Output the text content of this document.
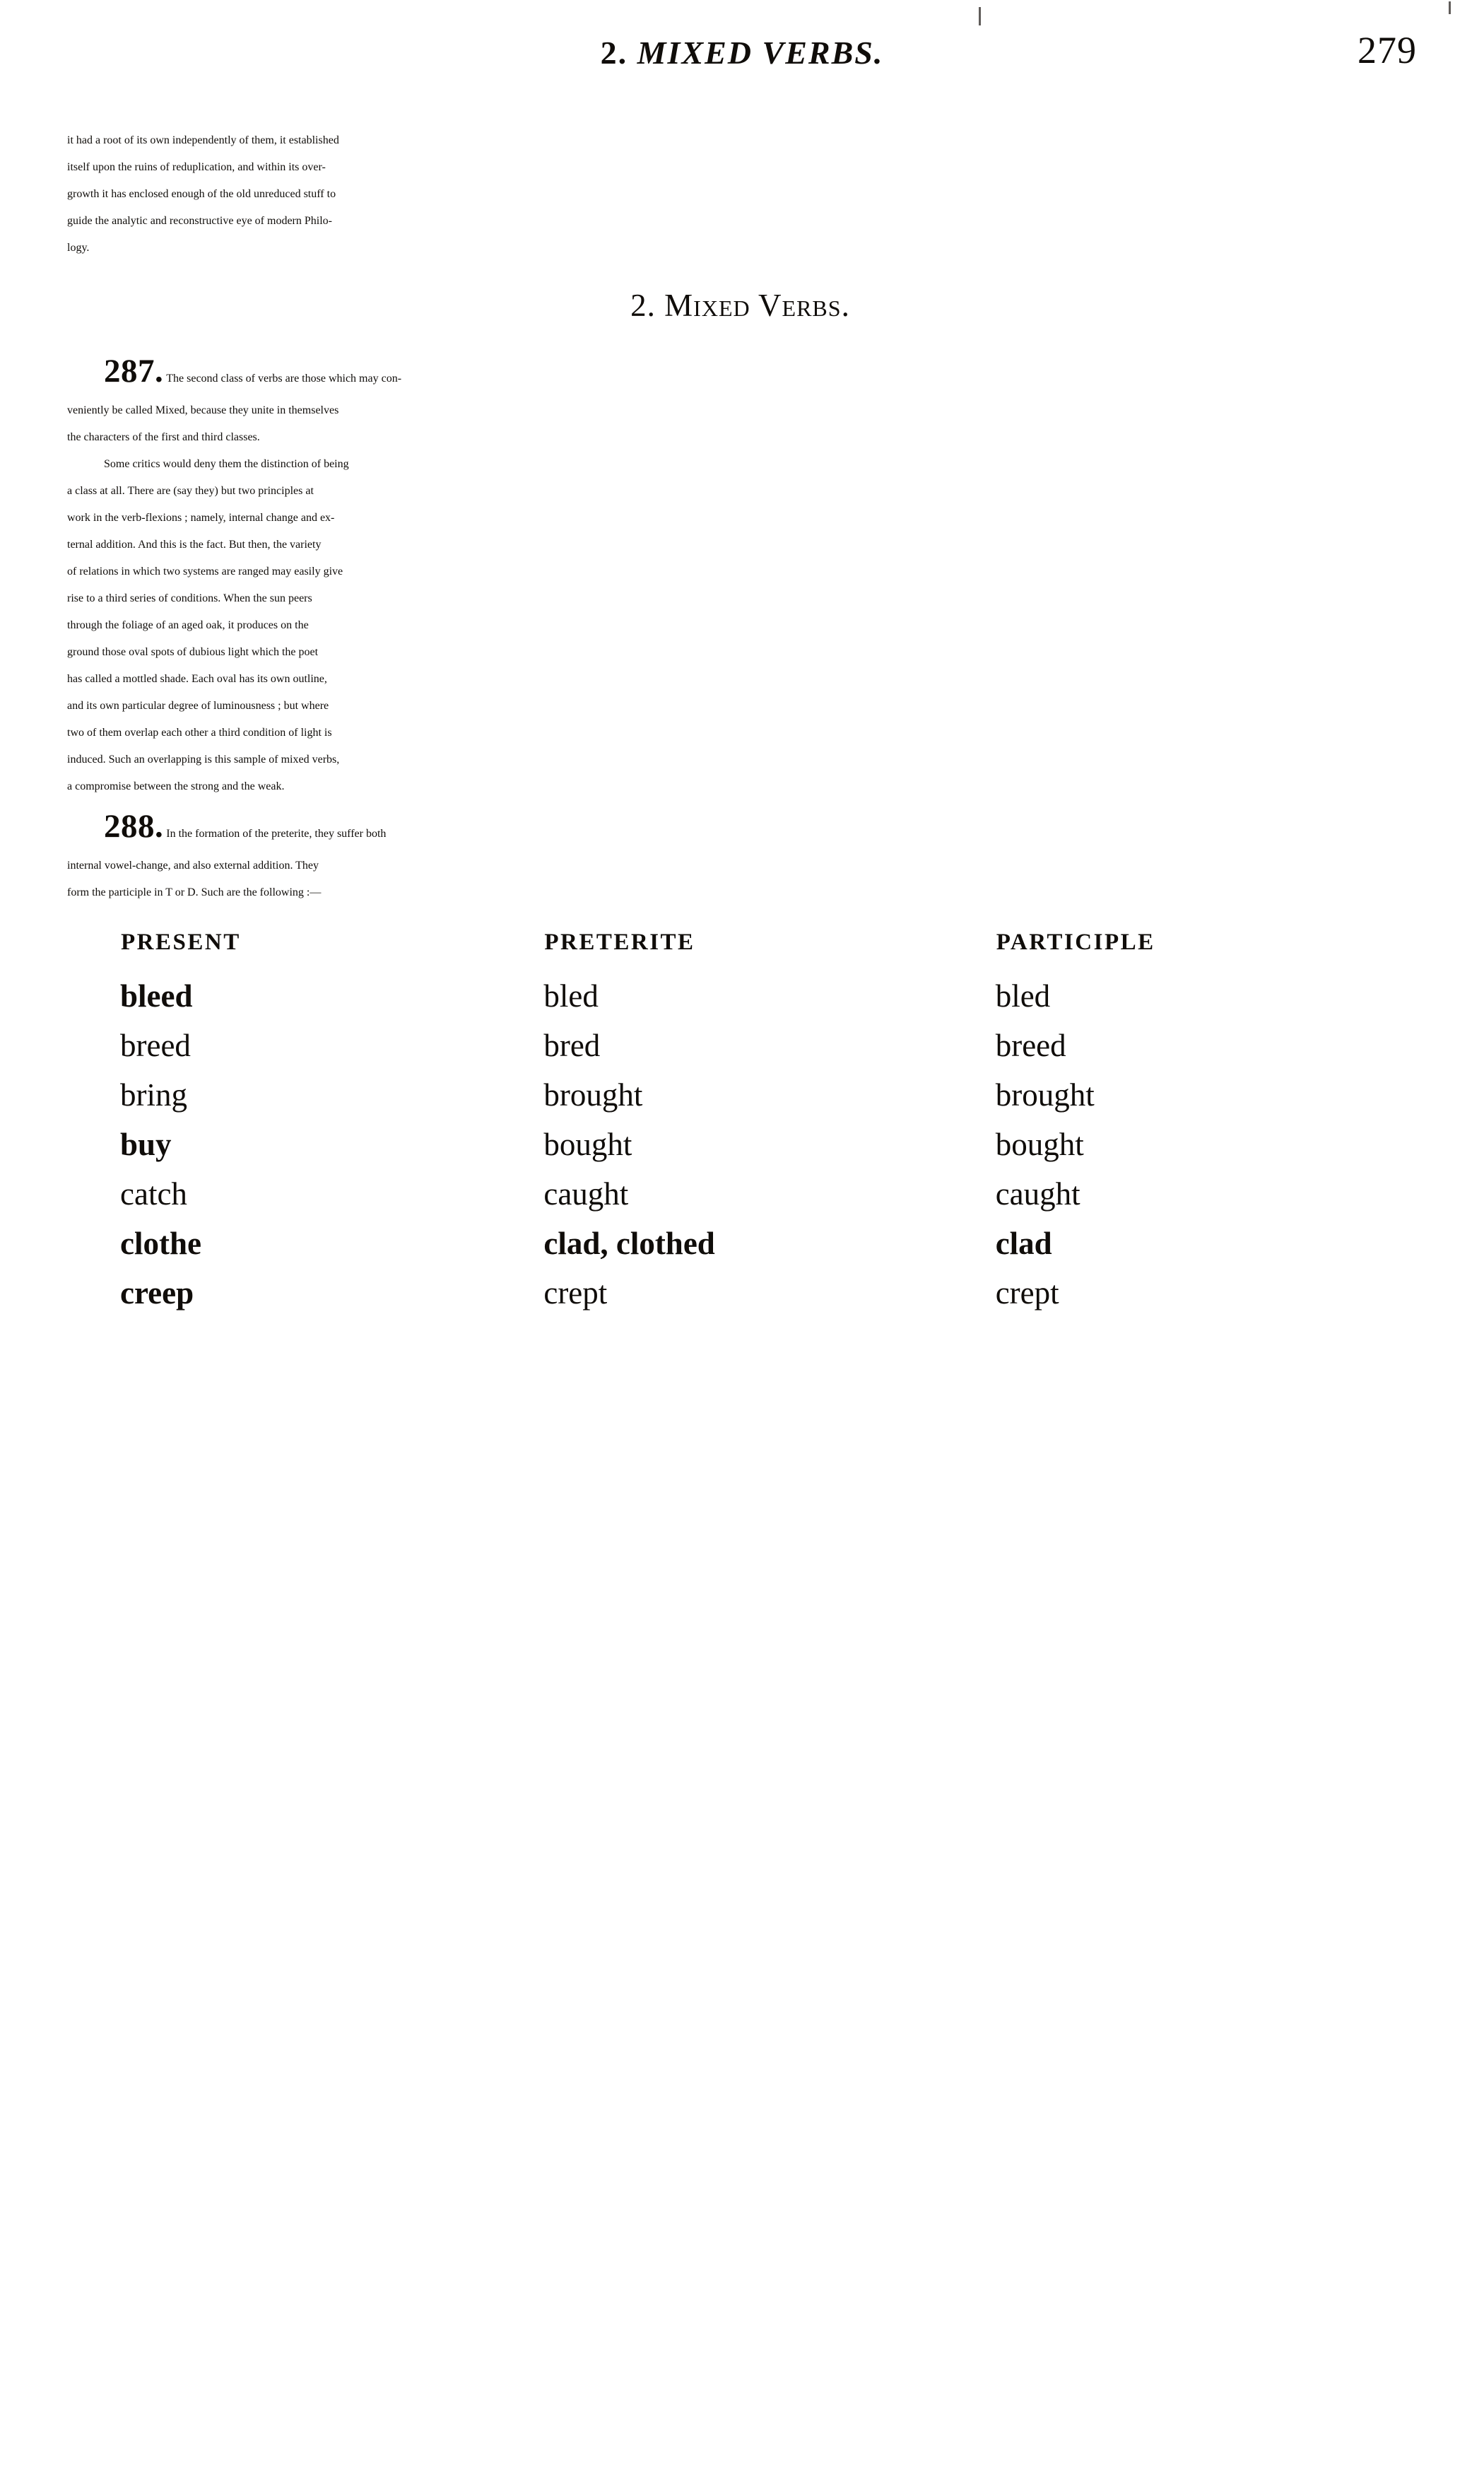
2. MIXED VERBS.	279
it had a root of its own independently of them, it established
itself upon the ruins of reduplication, and within its over-
growth it has enclosed enough of the old unreduced stuff to
guide the analytic and reconstructive eye of modern Philo-
logy.
2. Mixed Verbs.
287. The second class of verbs are those which may con-
veniently be called Mixed, because they unite in themselves
the characters of the first and third classes.
Some critics would deny them the distinction of being
a class at all. There are (say they) but two principles at
work in the verb-flexions ; namely, internal change and ex-
ternal addition. And this is the fact. But then, the variety
of relations in which two systems are ranged may easily give
rise to a third series of conditions. When the sun peers
through the foliage of an aged oak, it produces on the
ground those oval spots of dubious light which the poet
has called a mottled shade. Each oval has its own outline,
and its own particular degree of luminousness ; but where
two of them overlap each other a third condition of light is
induced. Such an overlapping is this sample of mixed verbs,
a compromise between the strong and the weak.
288. In the formation of the preterite, they suffer both
internal vowel-change, and also external addition. They
form the participle in T or D. Such are the following :—
PRESENT	PRETERITE	PARTICIPLE
bleed	bled	bled
breed	bred	breed
bring	brought	brought
buy	bought	bought
catch	caught	caught
clothe	clad, clothed	clad
creep	crept	crept
